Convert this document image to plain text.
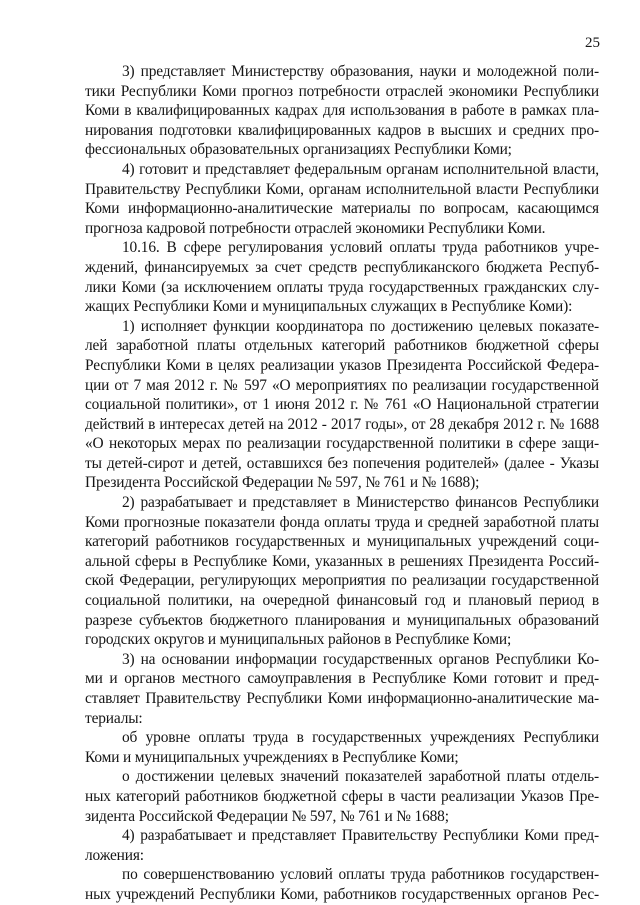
25
3) представляет Министерству образования, науки и молодежной поли-
тики Республики Коми прогноз потребности отраслей экономики Республики
Коми в квалифицированных кадрах для использования в работе в рамках пла-
нирования подготовки квалифицированных кадров в высших и средних про-
фессиональных образовательных организациях Республики Коми;
4) готовит и представляет федеральным органам исполнительной власти,
Правительству Республики Коми, органам исполнительной власти Республики
Коми информационно-аналитические материалы по вопросам, касающимся
прогноза кадровой потребности отраслей экономики Республики Коми.
10.16. В сфере регулирования условий оплаты труда работников учре-
ждений, финансируемых за счет средств республиканского бюджета Респуб-
лики Коми (за исключением оплаты труда государственных гражданских слу-
жащих Республики Коми и муниципальных служащих в Республике Коми):
1) исполняет функции координатора по достижению целевых показате-
лей заработной платы отдельных категорий работников бюджетной сферы
Республики Коми в целях реализации указов Президента Российской Федера-
ции от 7 мая 2012 г. № 597 «О мероприятиях по реализации государственной
социальной политики», от 1 июня 2012 г. № 761 «О Национальной стратегии
действий в интересах детей на 2012 - 2017 годы», от 28 декабря 2012 г. № 1688
«О некоторых мерах по реализации государственной политики в сфере защи-
ты детей-сирот и детей, оставшихся без попечения родителей» (далее - Указы
Президента Российской Федерации № 597, № 761 и № 1688);
2) разрабатывает и представляет в Министерство финансов Республики
Коми прогнозные показатели фонда оплаты труда и средней заработной платы
категорий работников государственных и муниципальных учреждений соци-
альной сферы в Республике Коми, указанных в решениях Президента Россий-
ской Федерации, регулирующих мероприятия по реализации государственной
социальной политики, на очередной финансовый год и плановый период в
разрезе субъектов бюджетного планирования и муниципальных образований
городских округов и муниципальных районов в Республике Коми;
3) на основании информации государственных органов Республики Ко-
ми и органов местного самоуправления в Республике Коми готовит и пред-
ставляет Правительству Республики Коми информационно-аналитические ма-
териалы:
об уровне оплаты труда в государственных учреждениях Республики
Коми и муниципальных учреждениях в Республике Коми;
о достижении целевых значений показателей заработной платы отдель-
ных категорий работников бюджетной сферы в части реализации Указов Пре-
зидента Российской Федерации № 597, № 761 и № 1688;
4) разрабатывает и представляет Правительству Республики Коми пред-
ложения:
по совершенствованию условий оплаты труда работников государствен-
ных учреждений Республики Коми, работников государственных органов Рес-
